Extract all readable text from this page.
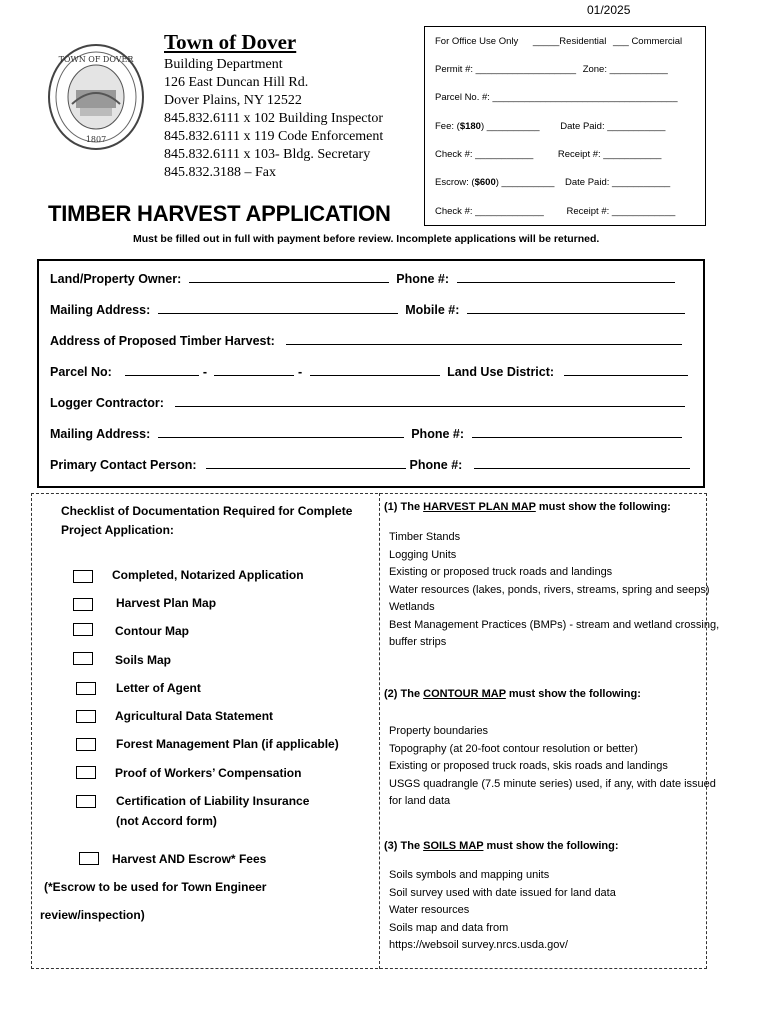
01/2025
TOWN OF DOVER
1807
Town of Dover
Building Department
126 East Duncan Hill Rd.
Dover Plains, NY 12522
845.832.6111 x 102 Building Inspector
845.832.6111 x 119 Code Enforcement
845.832.6111 x 103- Bldg. Secretary
845.832.3188 – Fax
For Office Use Only _____Residential ___ Commercial
Permit #: ___________________ Zone: ___________
Parcel No. #: ___________________________________
Fee: ($180) __________ Date Paid: ___________
Check #: ___________	Receipt #: ___________
Escrow: ($600) __________ Date Paid: ___________
Check #: _____________ Receipt #: ____________
TIMBER HARVEST APPLICATION
Must be filled out in full with payment before review. Incomplete applications will be returned.
Land/Property Owner:	Phone #:
Mailing Address:	Mobile #:
Address of Proposed Timber Harvest:
Parcel No:	-	-	Land Use District:
Logger Contractor:
Mailing Address:	Phone #:
Primary Contact Person:	Phone #:
Checklist of Documentation Required for Complete Project Application:
Completed, Notarized Application
Harvest Plan Map
Contour Map
Soils Map
Letter of Agent
Agricultural Data Statement
Forest Management Plan (if applicable)
Proof of Workers’ Compensation
Certification of Liability Insurance
(not Accord form)
Harvest AND Escrow* Fees
(*Escrow to be used for Town Engineer
review/inspection)
(1) The HARVEST PLAN MAP must show the following:
Timber Stands
Logging Units
Existing or proposed truck roads and landings
Water resources (lakes, ponds, rivers, streams, spring and seeps)
Wetlands
Best Management Practices (BMPs) - stream and wetland crossing, buffer strips
(2) The CONTOUR MAP must show the following:
Property boundaries
Topography (at 20-foot contour resolution or better)
Existing or proposed truck roads, skis roads and landings
USGS quadrangle (7.5 minute series) used, if any, with date issued for land data
(3) The SOILS MAP must show the following:
Soils symbols and mapping units
Soil survey used with date issued for land data
Water resources
Soils map and data from
https://websoil survey.nrcs.usda.gov/
